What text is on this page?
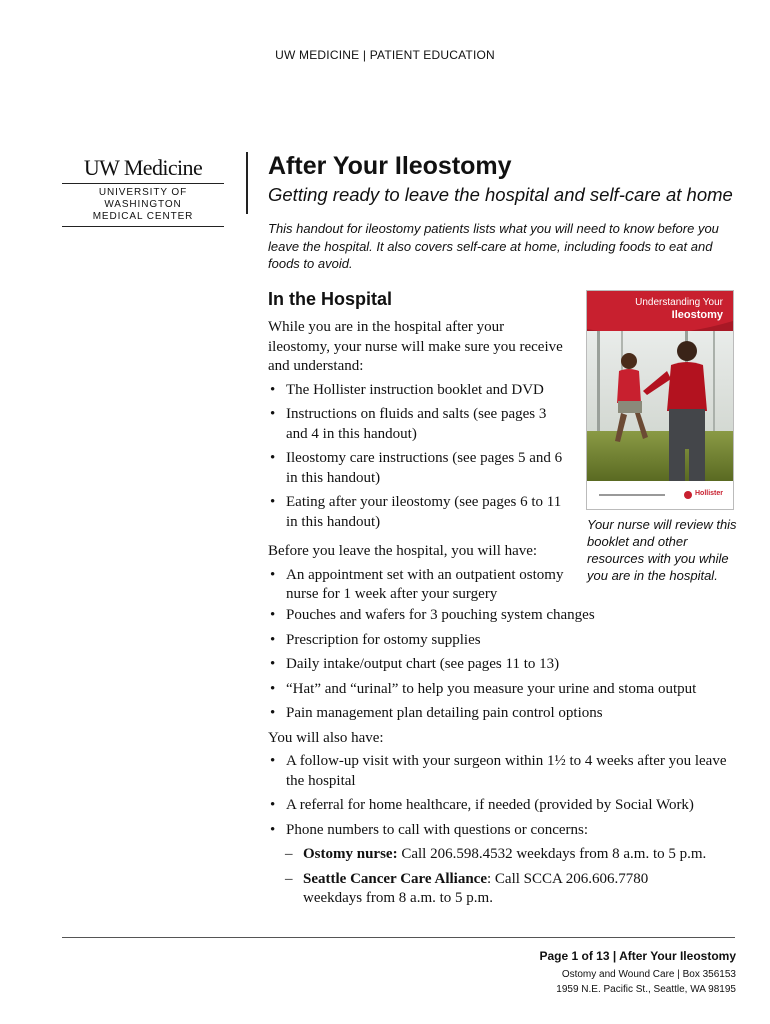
UW MEDICINE | PATIENT EDUCATION
UW Medicine
UNIVERSITY OF WASHINGTON
MEDICAL CENTER
After Your Ileostomy
Getting ready to leave the hospital and self-care at home
This handout for ileostomy patients lists what you will need to know before you leave the hospital. It also covers self-care at home, including foods to eat and foods to avoid.
In the Hospital
While you are in the hospital after your ileostomy, your nurse will make sure you receive and understand:
• The Hollister instruction booklet and DVD
• Instructions on fluids and salts (see pages 3 and 4 in this handout)
• Ileostomy care instructions (see pages 5 and 6 in this handout)
• Eating after your ileostomy (see pages 6 to 11 in this handout)
Before you leave the hospital, you will have:
• An appointment set with an outpatient ostomy nurse for 1 week after your surgery
• Pouches and wafers for 3 pouching system changes
• Prescription for ostomy supplies
• Daily intake/output chart (see pages 11 to 13)
• “Hat” and “urinal” to help you measure your urine and stoma output
• Pain management plan detailing pain control options
You will also have:
• A follow-up visit with your surgeon within 1½ to 4 weeks after you leave the hospital
• A referral for home healthcare, if needed (provided by Social Work)
• Phone numbers to call with questions or concerns:
– Ostomy nurse: Call 206.598.4532 weekdays from 8 a.m. to 5 p.m.
– Seattle Cancer Care Alliance: Call SCCA 206.606.7780 weekdays from 8 a.m. to 5 p.m.
Understanding Your
Ileostomy
Hollister
Your nurse will review this booklet and other resources with you while you are in the hospital.
Page 1 of 13 | After Your Ileostomy
Ostomy and Wound Care | Box 356153
1959 N.E. Pacific St., Seattle, WA 98195
